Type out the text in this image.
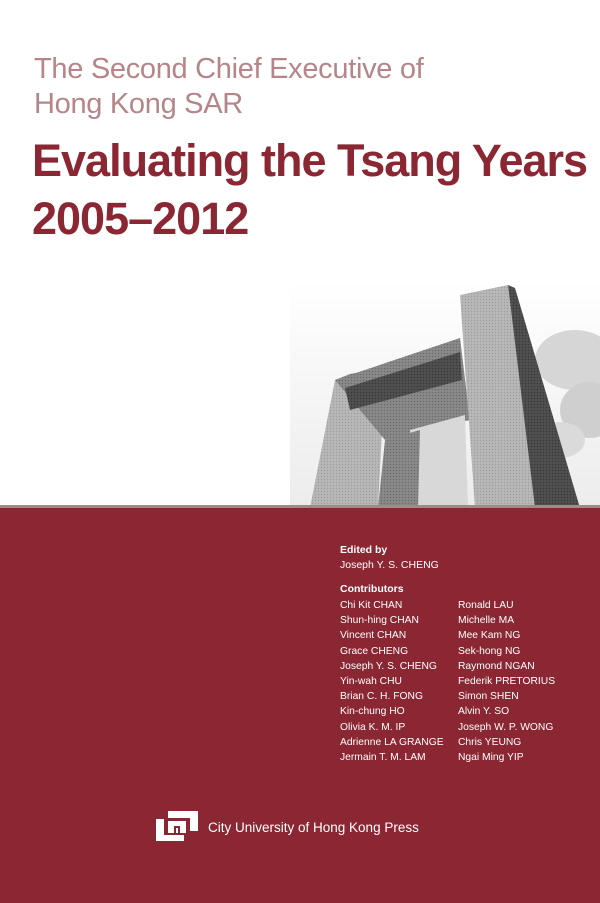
The Second Chief Executive of
Hong Kong SAR
Evaluating the Tsang Years
2005–2012
Edited by
Joseph Y. S. CHENG
Contributors
Chi Kit CHAN
Shun-hing CHAN
Vincent CHAN
Grace CHENG
Joseph Y. S. CHENG
Yin-wah CHU
Brian C. H. FONG
Kin-chung HO
Olivia K. M. IP
Adrienne LA GRANGE
Jermain T. M. LAM
Ronald LAU
Michelle MA
Mee Kam NG
Sek-hong NG
Raymond NGAN
Federik PRETORIUS
Simon SHEN
Alvin Y. SO
Joseph W. P. WONG
Chris YEUNG
Ngai Ming YIP
City University of Hong Kong Press
